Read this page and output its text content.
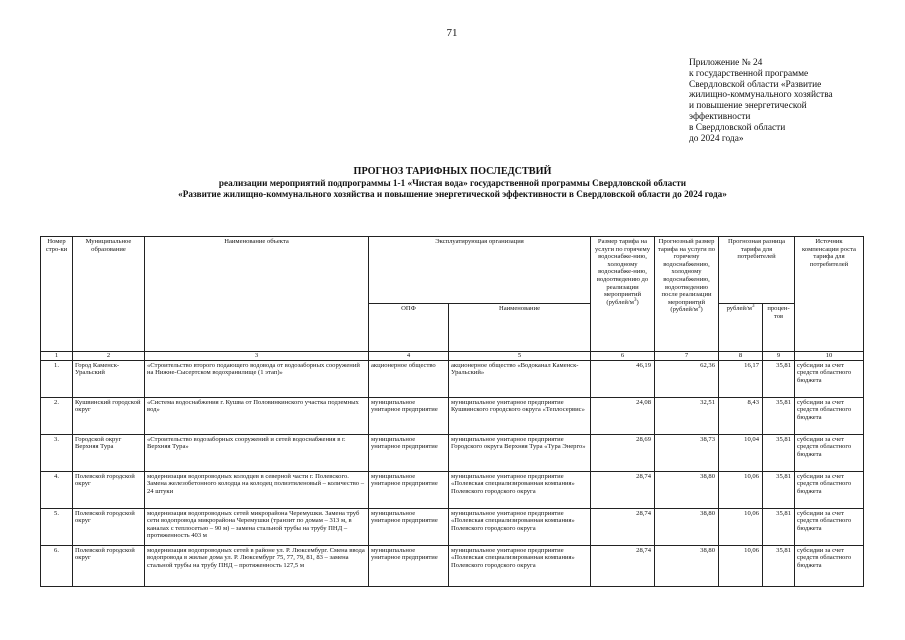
71
Приложение № 24
к государственной программе
Свердловской области «Развитие
жилищно-коммунального хозяйства
и повышение энергетической
эффективности
в Свердловской области
до 2024 года»
ПРОГНОЗ ТАРИФНЫХ ПОСЛЕДСТВИЙ
реализации мероприятий подпрограммы 1-1 «Чистая вода» государственной программы Свердловской области
«Развитие жилищно-коммунального хозяйства и повышение энергетической эффективности в Свердловской области до 2024 года»
Номер стро-ки	Муниципальное образование	Наименование объекта	Эксплуатирующая организация		Размер тарифа на услуги по горячему водоснабже-нию, холодному водоснабже-нию, водоотведению до реализации мероприятий $(рублей/м^3)$	Прогнозный размер тарифа на услуги по горячему водоснабжению, холодному водоснабжению, водоотведению после реализации мероприятий $(рублей/м^3)$	Прогнозная разница тарифа для потребителей		Источник компенсации роста тарифа для потребителей
			ОПФ	Наименование			рублей/$м^3$	процен-тов	
1	2	3	4	5	6	7	8	9	10
1.	Город Каменск-Уральский	«Строительство второго подающего водовода от водозаборных сооружений на Нижне-Сысертском водохранилище (1 этап)»	акционерное общество	акционерное общество «Водоканал Каменск-Уральский»	46,19	62,36	16,17	35,81	субсидии за счет средств областного бюджета
2.	Кушвинский городской округ	«Система водоснабжения г. Кушва от Половинкинского участка подземных вод»	муниципальное унитарное предприятие	муниципальное унитарное предприятие Кушвинского городского округа «Теплосервис»	24,08	32,51	8,43	35,81	субсидии за счет средств областного бюджета
3.	Городской округ Верхняя Тура	«Строительство водозаборных сооружений и сетей водоснабжения в г. Верхняя Тура»	муниципальное унитарное предприятие	муниципальное унитарное предприятие Городского округа Верхняя Тура «Тура Энерго»	28,69	38,73	10,04	35,81	субсидии за счет средств областного бюджета
4.	Полевской городской округ	модернизация водопроводных колодцев в северной части г. Полевского. Замена железобетонного колодца на колодец полиэтиленовый – количество – 24 штуки	муниципальное унитарное предприятие	муниципальное унитарное предприятие «Полевская специализированная компания» Полевского городского округа	28,74	38,80	10,06	35,81	субсидии за счет средств областного бюджета
5.	Полевской городской округ	модернизация водопроводных сетей микрорайона Черемушки. Замена труб сети водопровода микрорайона Черемушки (транзит по домам – 313 м, в каналах с теплосетью – 90 м) – замена стальной трубы на трубу ПНД – протяженность 403 м	муниципальное унитарное предприятие	муниципальное унитарное предприятие «Полевская специализированная компания» Полевского городского округа	28,74	38,80	10,06	35,81	субсидии за счет средств областного бюджета
6.	Полевской городской округ	модернизация водопроводных сетей в районе ул. Р. Люксембург. Смена ввода водопровода в жилые дома ул. Р. Люксембург 75, 77, 79, 81, 83 – замена стальной трубы на трубу ПНД – протяженность 127,5 м	муниципальное унитарное предприятие	муниципальное унитарное предприятие «Полевская специализированная компания» Полевского городского округа	28,74	38,80	10,06	35,81	субсидии за счет средств областного бюджета
